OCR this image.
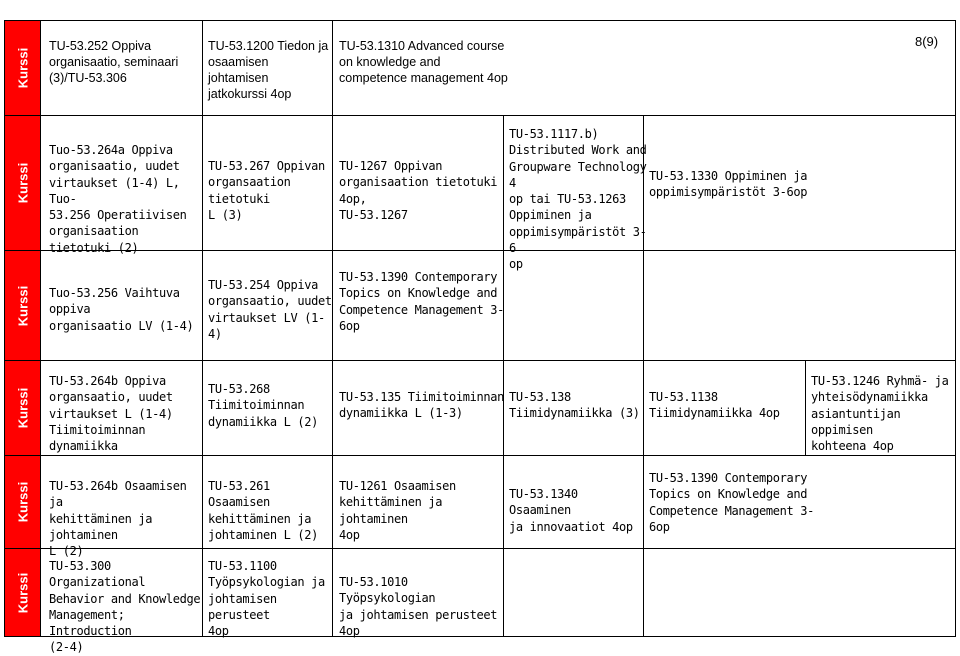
8(9)
Kurssi
Kurssi
Kurssi
Kurssi
Kurssi
Kurssi
TU-53.252 Oppiva
organisaatio, seminaari
(3)/TU-53.306
TU-53.1200 Tiedon ja
osaamisen johtamisen
jatkokurssi 4op
TU-53.1310 Advanced course
on knowledge and
competence management 4op
Tuo-53.264a Oppiva
organisaatio, uudet
virtaukset (1-4) L, Tuo-
53.256 Operatiivisen
organisaation tietotuki (2)
TU-53.267 Oppivan
organsaation tietotuki
L (3)
TU-1267 Oppivan
organisaation tietotuki 4op,
TU-53.1267
TU-53.1117.b)
Distributed Work and
Groupware Technology 4
op tai TU-53.1263
Oppiminen ja
oppimisympäristöt 3-6
op
TU-53.1330 Oppiminen ja
oppimisympäristöt 3-6op
Tuo-53.256 Vaihtuva oppiva
organisaatio LV (1-4)
TU-53.254 Oppiva
organsaatio, uudet
virtaukset LV (1-4)
TU-53.1390 Contemporary
Topics on Knowledge and
Competence Management 3-
6op
TU-53.264b Oppiva
organsaatio, uudet
virtaukset L (1-4)
Tiimitoiminnan dynamiikka
TU-53.268
Tiimitoiminnan
dynamiikka L (2)
TU-53.135 Tiimitoiminnan
dynamiikka L (1-3)
TU-53.138
Tiimidynamiikka (3)
TU-53.1138
Tiimidynamiikka 4op
TU-53.1246 Ryhmä- ja
yhteisödynamiikka
asiantuntijan oppimisen
kohteena 4op
TU-53.264b Osaamisen ja
kehittäminen ja johtaminen
L (2)
TU-53.261 Osaamisen
kehittäminen ja
johtaminen L (2)
TU-1261 Osaamisen
kehittäminen ja johtaminen
4op
TU-53.1340 Osaaminen
ja innovaatiot 4op
TU-53.1390 Contemporary
Topics on Knowledge and
Competence Management 3-
6op
TU-53.300 Organizational
Behavior and Knowledge
Management; Introduction
(2-4)
TU-53.1100
Työpsykologian ja
johtamisen perusteet
4op
TU-53.1010 Työpsykologian
ja johtamisen perusteet 4op
